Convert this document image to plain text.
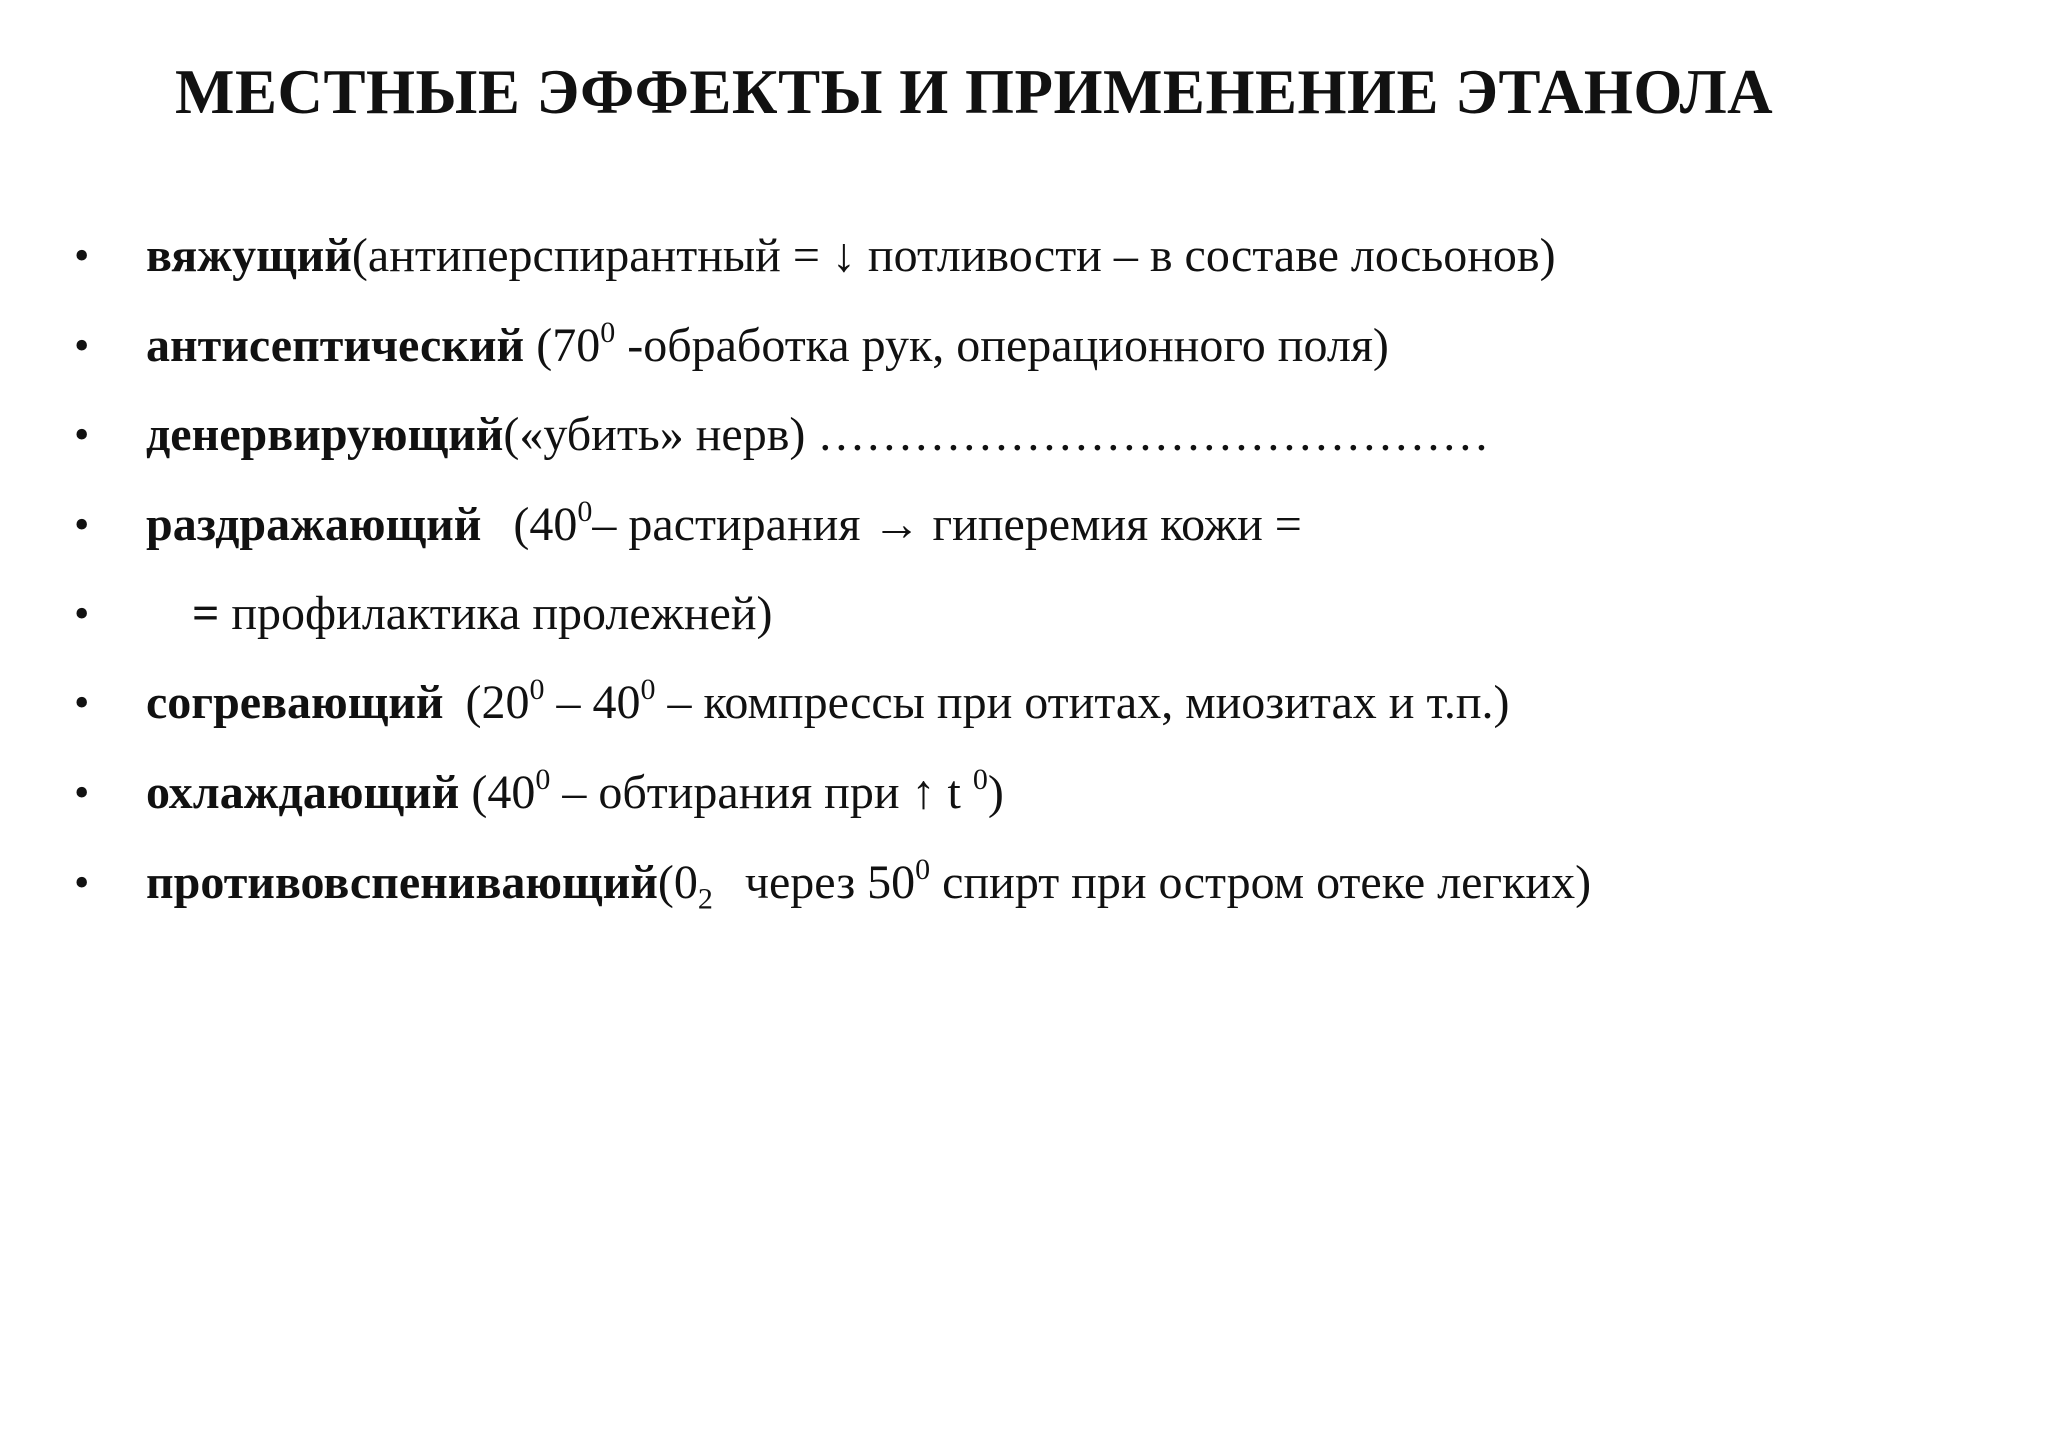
МЕСТНЫЕ ЭФФЕКТЫ И ПРИМЕНЕНИЕ ЭТАНОЛА
• вяжущий(антиперспирантный = ↓ потливости – в составе лосьонов)
• антисептический ($70^0$ -обработка рук, операционного поля)
• денервирующий(«убить» нерв) ……………………………………
• раздражающий ($40^0-$ растирания → гиперемия кожи =
•	= профилактика пролежней)
• согревающий ($20^0 - 40^0$ – компрессы при отитах, миозитах и т.п.)
• охлаждающий ($40^0$ – обтирания при ↑ t $^0$)
• $противовспенивающий(0_2$ через $50^0$ спирт при остром отеке легких)
